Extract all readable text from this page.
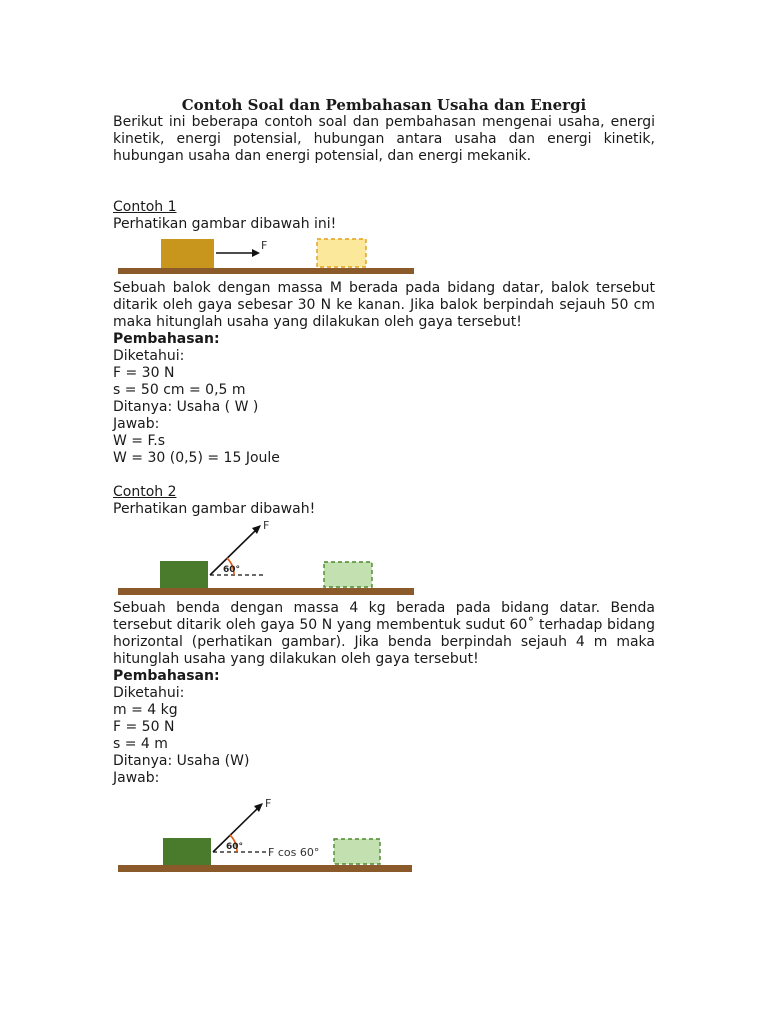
Contoh Soal dan Pembahasan Usaha dan Energi

Berikut ini beberapa contoh soal dan pembahasan mengenai usaha, energi kinetik, energi potensial, hubungan antara usaha dan energi kinetik, hubungan usaha dan energi potensial, dan energi mekanik.

Contoh 1

Perhatikan gambar dibawah ini!

F

Sebuah balok dengan massa M berada pada bidang datar, balok tersebut ditarik oleh gaya sebesar 30 N ke kanan. Jika balok berpindah sejauh 50 cm maka hitunglah usaha yang dilakukan oleh gaya tersebut!

Pembahasan:

Diketahui:

F = 30 N

s = 50 cm = 0,5 m

Ditanya: Usaha ( W )

Jawab:

W = F.s

W = 30 (0,5) = 15 Joule

Contoh 2

Perhatikan gambar dibawah!

F
60°

Sebuah benda dengan massa 4 kg berada pada bidang datar. Benda tersebut ditarik oleh gaya 50 N yang membentuk sudut 60˚ terhadap bidang horizontal (perhatikan gambar). Jika benda berpindah sejauh 4 m maka hitunglah usaha yang dilakukan oleh gaya tersebut!

Pembahasan:

Diketahui:

m = 4 kg

F = 50 N

s = 4 m

Ditanya: Usaha (W)

Jawab:

F
60° F cos 60°
